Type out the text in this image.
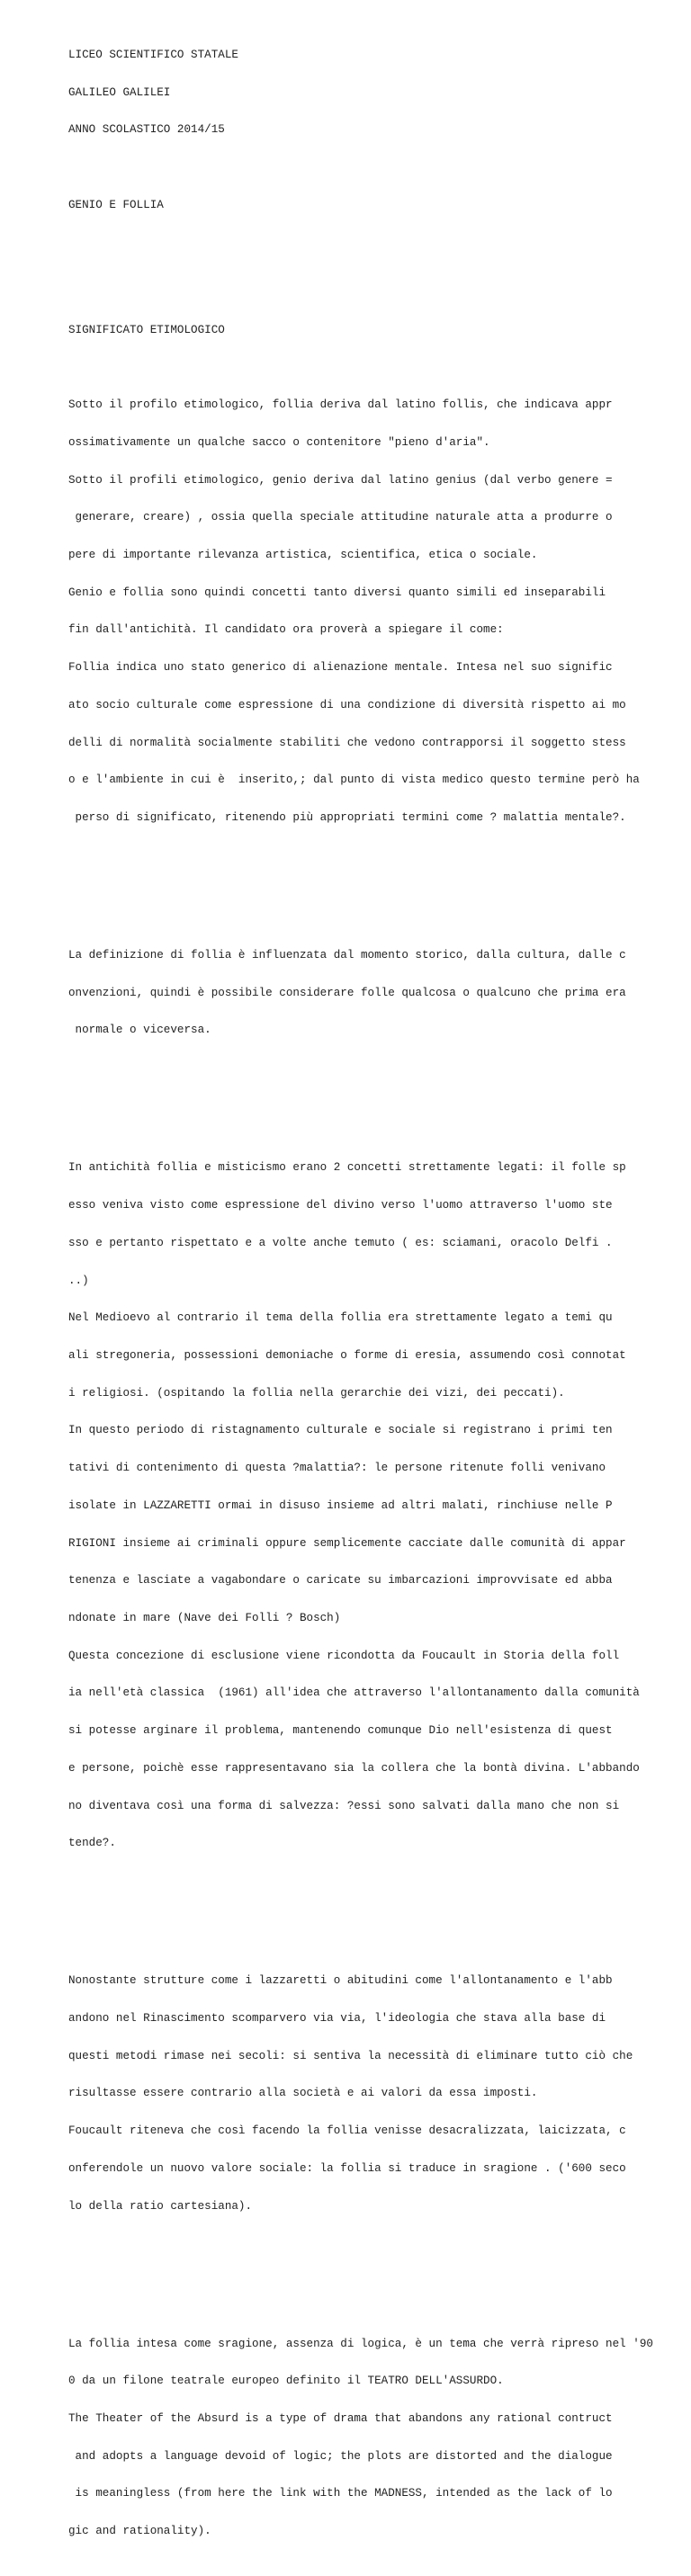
LICEO SCIENTIFICO STATALE

GALILEO GALILEI

ANNO SCOLASTICO 2014/15

GENIO E FOLLIA

SIGNIFICATO ETIMOLOGICO

Sotto il profilo etimologico, follia deriva dal latino follis, che indicava appr

ossimativamente un qualche sacco o contenitore "pieno d'aria".

Sotto il profili etimologico, genio deriva dal latino genius (dal verbo genere =

generare, creare) , ossia quella speciale attitudine naturale atta a produrre o

pere di importante rilevanza artistica, scientifica, etica o sociale.

Genio e follia sono quindi concetti tanto diversi quanto simili ed inseparabili

fin dall'antichità. Il candidato ora proverà a spiegare il come:

Follia indica uno stato generico di alienazione mentale. Intesa nel suo signific

ato socio culturale come espressione di una condizione di diversità rispetto ai mo

delli di normalità socialmente stabiliti che vedono contrapporsi il soggetto stess

o e l'ambiente in cui è  inserito,; dal punto di vista medico questo termine però ha

perso di significato, ritenendo più appropriati termini come ? malattia mentale?.

La definizione di follia è influenzata dal momento storico, dalla cultura, dalle c

onvenzioni, quindi è possibile considerare folle qualcosa o qualcuno che prima era

normale o viceversa.

In antichità follia e misticismo erano 2 concetti strettamente legati: il folle sp

esso veniva visto come espressione del divino verso l'uomo attraverso l'uomo ste

sso e pertanto rispettato e a volte anche temuto ( es: sciamani, oracolo Delfi .

..)

Nel Medioevo al contrario il tema della follia era strettamente legato a temi qu

ali stregoneria, possessioni demoniache o forme di eresia, assumendo così connotat

i religiosi. (ospitando la follia nella gerarchie dei vizi, dei peccati).

In questo periodo di ristagnamento culturale e sociale si registrano i primi ten

tativi di contenimento di questa ?malattia?: le persone ritenute folli venivano

isolate in LAZZARETTI ormai in disuso insieme ad altri malati, rinchiuse nelle P

RIGIONI insieme ai criminali oppure semplicemente cacciate dalle comunità di appar

tenenza e lasciate a vagabondare o caricate su imbarcazioni improvvisate ed abba

ndonate in mare (Nave dei Folli ? Bosch)

Questa concezione di esclusione viene ricondotta da Foucault in Storia della foll

ia nell'età classica  (1961) all'idea che attraverso l'allontanamento dalla comunità

si potesse arginare il problema, mantenendo comunque Dio nell'esistenza di quest

e persone, poichè esse rappresentavano sia la collera che la bontà divina. L'abbando

no diventava così una forma di salvezza: ?essi sono salvati dalla mano che non si

tende?.

Nonostante strutture come i lazzaretti o abitudini come l'allontanamento e l'abb

andono nel Rinascimento scomparvero via via, l'ideologia che stava alla base di

questi metodi rimase nei secoli: si sentiva la necessità di eliminare tutto ciò che

risultasse essere contrario alla società e ai valori da essa imposti.

Foucault riteneva che così facendo la follia venisse desacralizzata, laicizzata, c

onferendole un nuovo valore sociale: la follia si traduce in sragione . ('600 seco

lo della ratio cartesiana).

La follia intesa come sragione, assenza di logica, è un tema che verrà ripreso nel '90

0 da un filone teatrale europeo definito il TEATRO DELL'ASSURDO.

The Theater of the Absurd is a type of drama that abandons any rational contruct

and adopts a language devoid of logic; the plots are distorted and the dialogue

is meaningless (from here the link with the MADNESS, intended as the lack of lo

gic and rationality).
